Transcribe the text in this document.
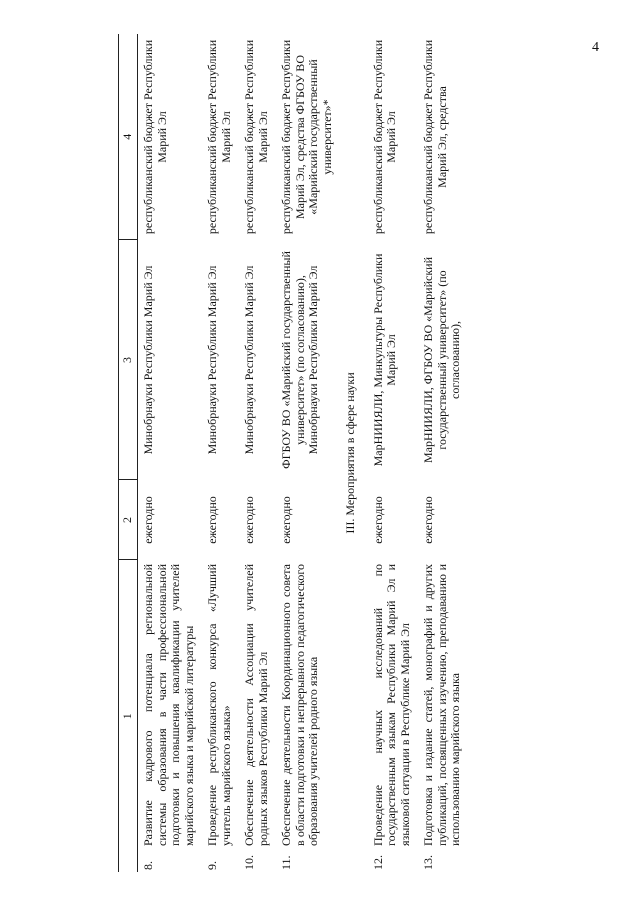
4
1		2	3	4
8.	Развитие кадрового потенциала региональной системы образования в части профессиональной подготовки и повышения квалификации учителей марийского языка и марийской литературы	ежегодно	Минобрнауки Республики Марий Эл	республиканский бюджет Республики Марий Эл
9.	Проведение республиканского конкурса «Лучший учитель марийского языка»	ежегодно	Минобрнауки Республики Марий Эл	республиканский бюджет Республики Марий Эл
10.	Обеспечение деятельности Ассоциации учителей родных языков Республики Марий Эл	ежегодно	Минобрнауки Республики Марий Эл	республиканский бюджет Республики Марий Эл
11.	Обеспечение деятельности Координационного совета в области подготовки и непрерывного педагогического образования учителей родного языка	ежегодно	ФГБОУ ВО «Марийский государственный университет» (по согласованию), Минобрнауки Республики Марий Эл	республиканский бюджет Республики Марий Эл, средства ФГБОУ ВО «Марийский государственный университет»*
III. Мероприятия в сфере науки				
12.	Проведение научных исследований по государственным языкам Республики Марий Эл и языковой ситуации в Республике Марий Эл	ежегодно	МарНИИЯЛИ, Минкультуры Республики Марий Эл	республиканский бюджет Республики Марий Эл
13.	Подготовка и издание статей, монографий и других публикаций, посвященных изучению, преподаванию и использованию марийского языка	ежегодно	МарНИИЯЛИ, ФГБОУ ВО «Марийский государственный университет» (по согласованию),	республиканский бюджет Республики Марий Эл, средства
